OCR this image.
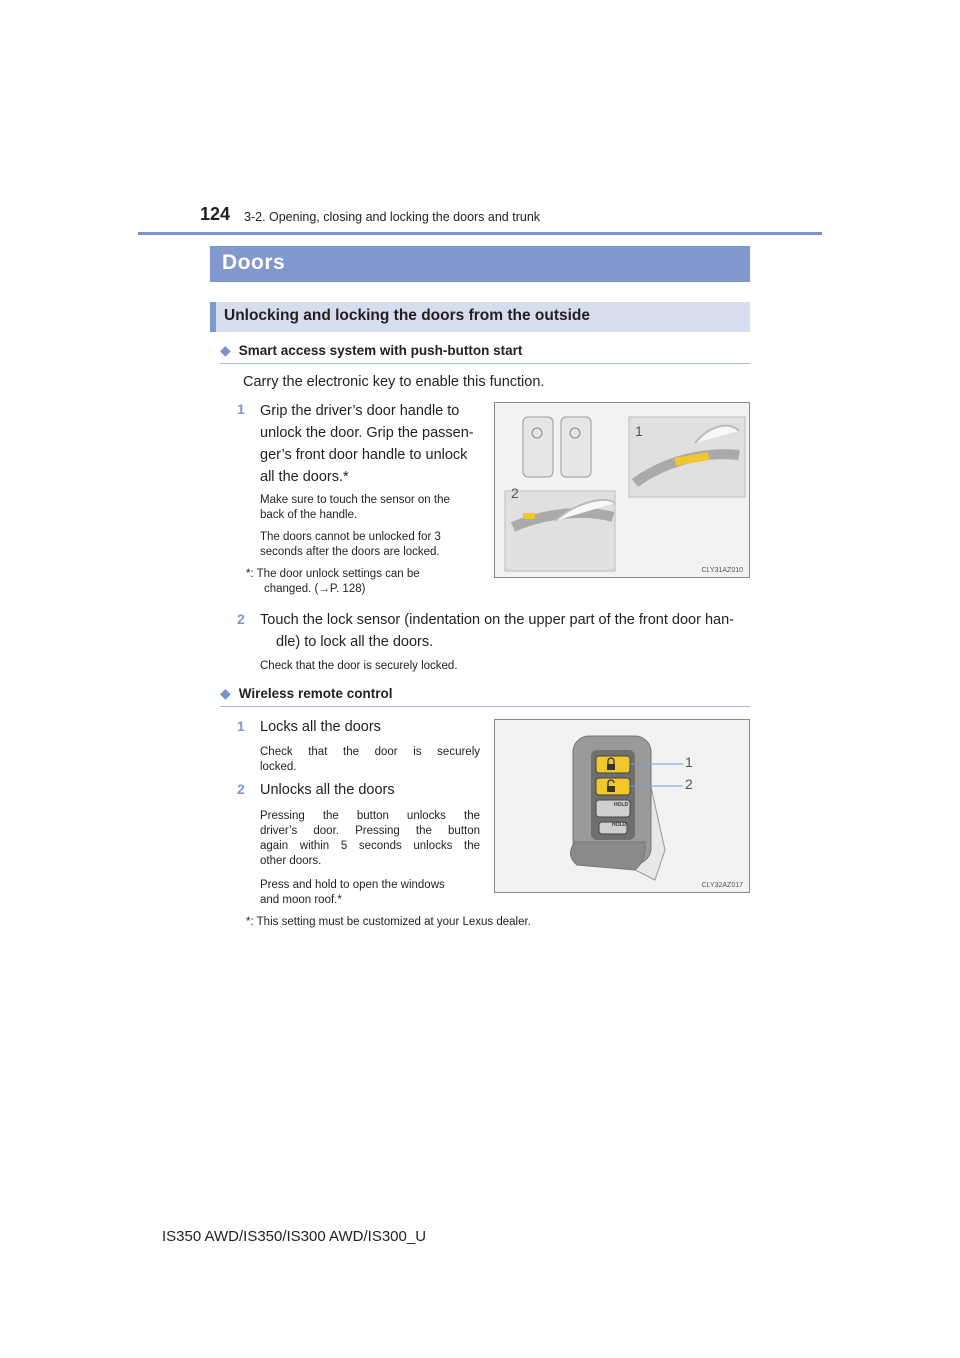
124 3-2. Opening, closing and locking the doors and trunk
Doors
Unlocking and locking the doors from the outside
◆ Smart access system with push-button start
Carry the electronic key to enable this function.
1 Grip the driver’s door handle to
unlock the door. Grip the passen-
ger’s front door handle to unlock
all the doors.*
Make sure to touch the sensor on the
back of the handle.
The doors cannot be unlocked for 3
seconds after the doors are locked.
*: The door unlock settings can be
changed. (→P. 128)
1
2
CLY31AZ010
2 Touch the lock sensor (indentation on the upper part of the front door han-
dle) to lock all the doors.
Check that the door is securely locked.
◆ Wireless remote control
1 Locks all the doors
Check that the door is securely
locked.
2 Unlocks all the doors
Pressing the button unlocks the
driver’s door. Pressing the button
again within 5 seconds unlocks the
other doors.
Press and hold to open the windows
and moon roof.*
1
2
HOLD
HOLD
CLY32AZ017
*: This setting must be customized at your Lexus dealer.
IS350 AWD/IS350/IS300 AWD/IS300_U
